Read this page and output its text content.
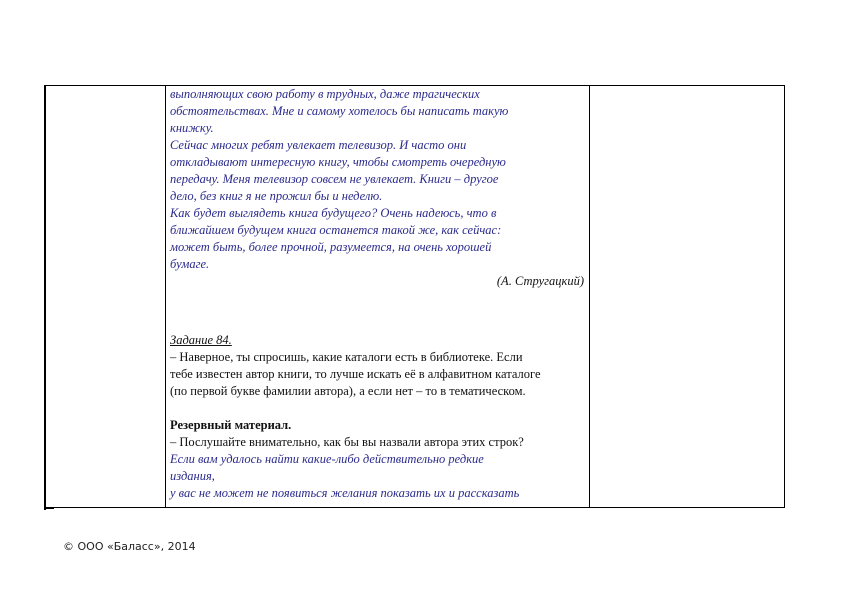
выполняющих свою работу в трудных, даже трагических

обстоятельствах. Мне и самому хотелось бы написать такую

книжку.

Сейчас многих ребят увлекает телевизор. И часто они

откладывают интересную книгу, чтобы смотреть очередную

передачу. Меня телевизор совсем не увлекает. Книги – другое

дело, без книг я не прожил бы и неделю.

Как будет выглядеть книга будущего? Очень надеюсь, что в

ближайшем будущем книга останется такой же, как сейчас:

может быть, более прочной, разумеется, на очень хорошей

бумаге.

(А. Стругацкий)

Задание 84.

– Наверное, ты спросишь, какие каталоги есть в библиотеке. Если

тебе известен автор книги, то лучше искать её в алфавитном каталоге

(по первой букве фамилии автора), а если нет – то в тематическом.

Резервный материал.

– Послушайте внимательно, как бы вы назвали автора этих строк?

Если вам удалось найти какие-либо действительно редкие

издания,

у вас не может не появиться желания показать их и рассказать

© ООО «Баласс», 2014
